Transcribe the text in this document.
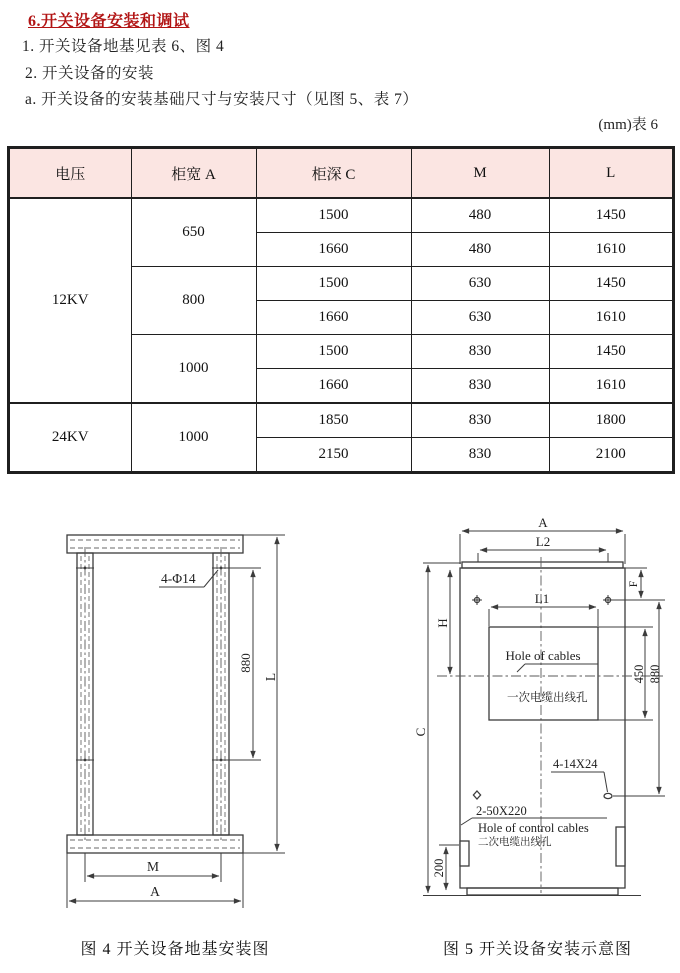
6.开关设备安装和调试
1. 开关设备地基见表 6、图 4
2. 开关设备的安装
a. 开关设备的安装基础尺寸与安装尺寸（见图 5、表 7）
(mm)表 6
电压	柜宽 A	柜深 C	M	L
12KV	650	1500	480	1450
		1660	480	1610
	800	1500	630	1450
		1660	630	1610
	1000	1500	830	1450
		1660	830	1610
24KV	1000	1850	830	1800
		2150	830	2100
4-Φ14
880
L
M
A
A
L2
C
H
F
L1
Hole of cables
一次电缆出线孔
450 880
4-14X24
2-50X220
Hole of control cables
二次电缆出线孔
200
图 4 开关设备地基安装图	图 5 开关设备安装示意图
